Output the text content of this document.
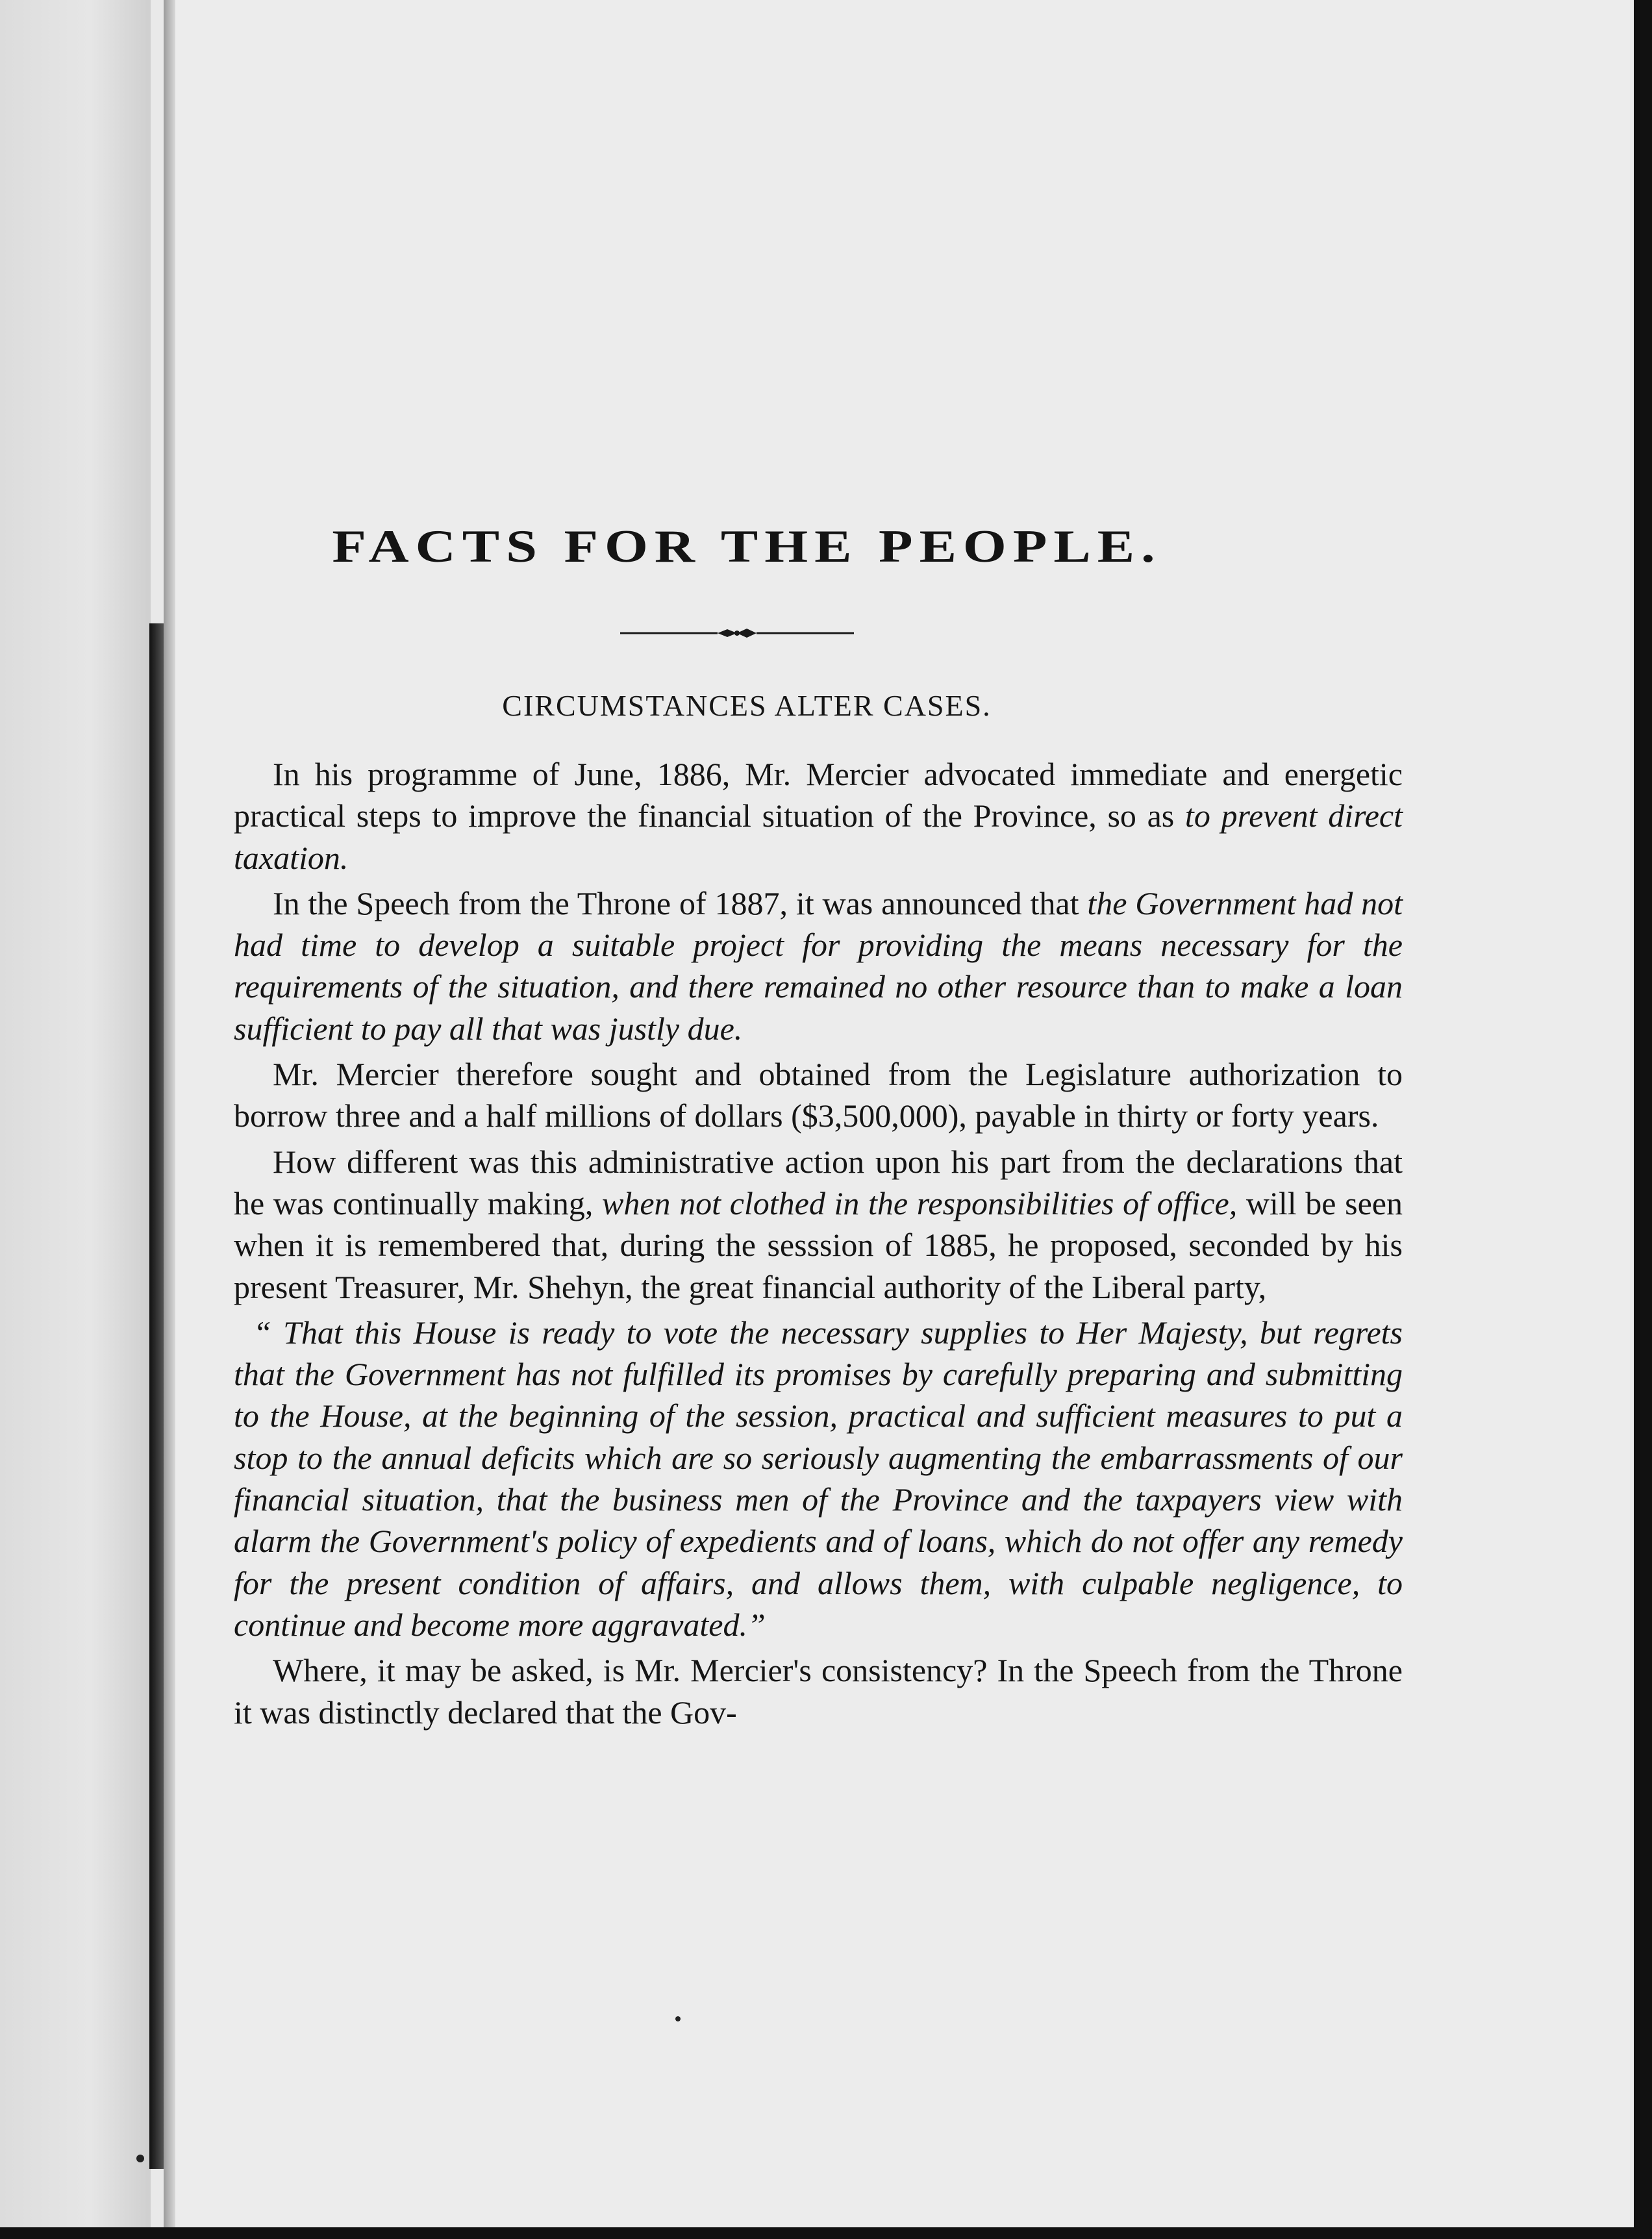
FACTS FOR THE PEOPLE.
CIRCUMSTANCES ALTER CASES.

In his programme of June, 1886, Mr. Mercier advocated immediate and energetic practical steps to improve the financial situation of the Province, so as to prevent direct taxation.

In the Speech from the Throne of 1887, it was announced that the Government had not had time to develop a suitable project for providing the means necessary for the requirements of the situation, and there remained no other resource than to make a loan sufficient to pay all that was justly due.

Mr. Mercier therefore sought and obtained from the Legislature authorization to borrow three and a half millions of dollars ($3,500,000), payable in thirty or forty years.

How different was this administrative action upon his part from the declarations that he was continually making, when not clothed in the responsibilities of office, will be seen when it is remembered that, during the sesssion of 1885, he proposed, seconded by his present Treasurer, Mr. Shehyn, the great financial authority of the Liberal party,

“ That this House is ready to vote the necessary supplies to Her Majesty, but regrets that the Government has not fulfilled its promises by carefully preparing and submitting to the House, at the beginning of the session, practical and sufficient measures to put a stop to the annual deficits which are so seriously augmenting the embarrassments of our financial situation, that the business men of the Province and the taxpayers view with alarm the Government's policy of expedients and of loans, which do not offer any remedy for the present condition of affairs, and allows them, with culpable negligence, to continue and become more aggravated.”

Where, it may be asked, is Mr. Mercier's consistency? In the Speech from the Throne it was distinctly declared that the Gov-
